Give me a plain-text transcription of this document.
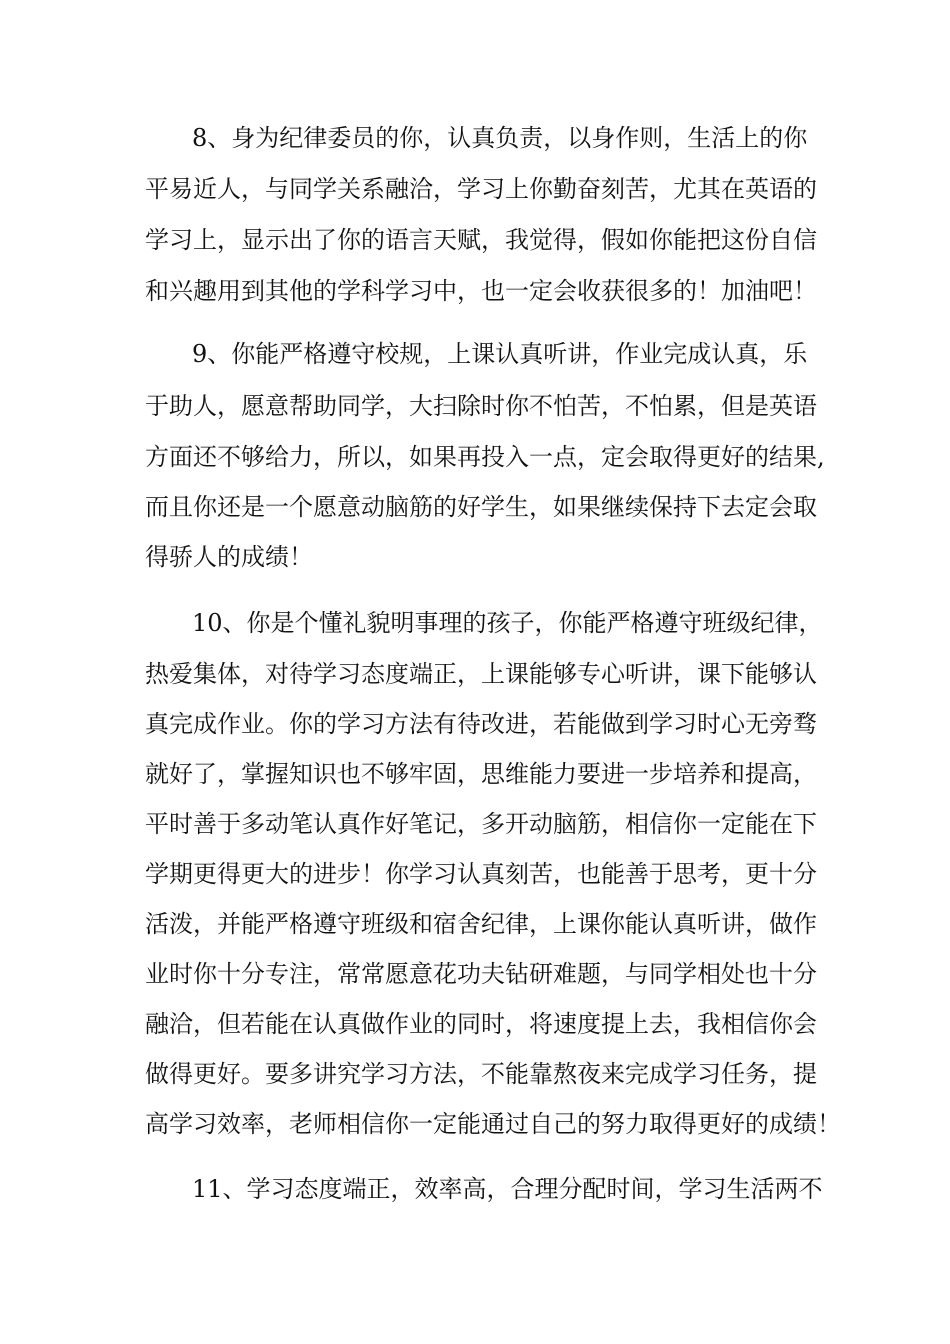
8、身为纪律委员的你，认真负责，以身作则，生活上的你
平易近人，与同学关系融洽，学习上你勤奋刻苦，尤其在英语的
学习上，显示出了你的语言天赋，我觉得，假如你能把这份自信
和兴趣用到其他的学科学习中，也一定会收获很多的！加油吧！
9、你能严格遵守校规，上课认真听讲，作业完成认真，乐
于助人，愿意帮助同学，大扫除时你不怕苦，不怕累，但是英语
方面还不够给力，所以，如果再投入一点，定会取得更好的结果,
而且你还是一个愿意动脑筋的好学生，如果继续保持下去定会取
得骄人的成绩！
10、你是个懂礼貌明事理的孩子，你能严格遵守班级纪律，
热爱集体，对待学习态度端正，上课能够专心听讲，课下能够认
真完成作业。你的学习方法有待改进，若能做到学习时心无旁骛
就好了，掌握知识也不够牢固，思维能力要进一步培养和提高，
平时善于多动笔认真作好笔记，多开动脑筋，相信你一定能在下
学期更得更大的进步！你学习认真刻苦，也能善于思考，更十分
活泼，并能严格遵守班级和宿舍纪律，上课你能认真听讲，做作
业时你十分专注，常常愿意花功夫钻研难题，与同学相处也十分
融洽，但若能在认真做作业的同时，将速度提上去，我相信你会
做得更好。要多讲究学习方法，不能靠熬夜来完成学习任务，提
高学习效率，老师相信你一定能通过自己的努力取得更好的成绩！
11、学习态度端正，效率高，合理分配时间，学习生活两不
